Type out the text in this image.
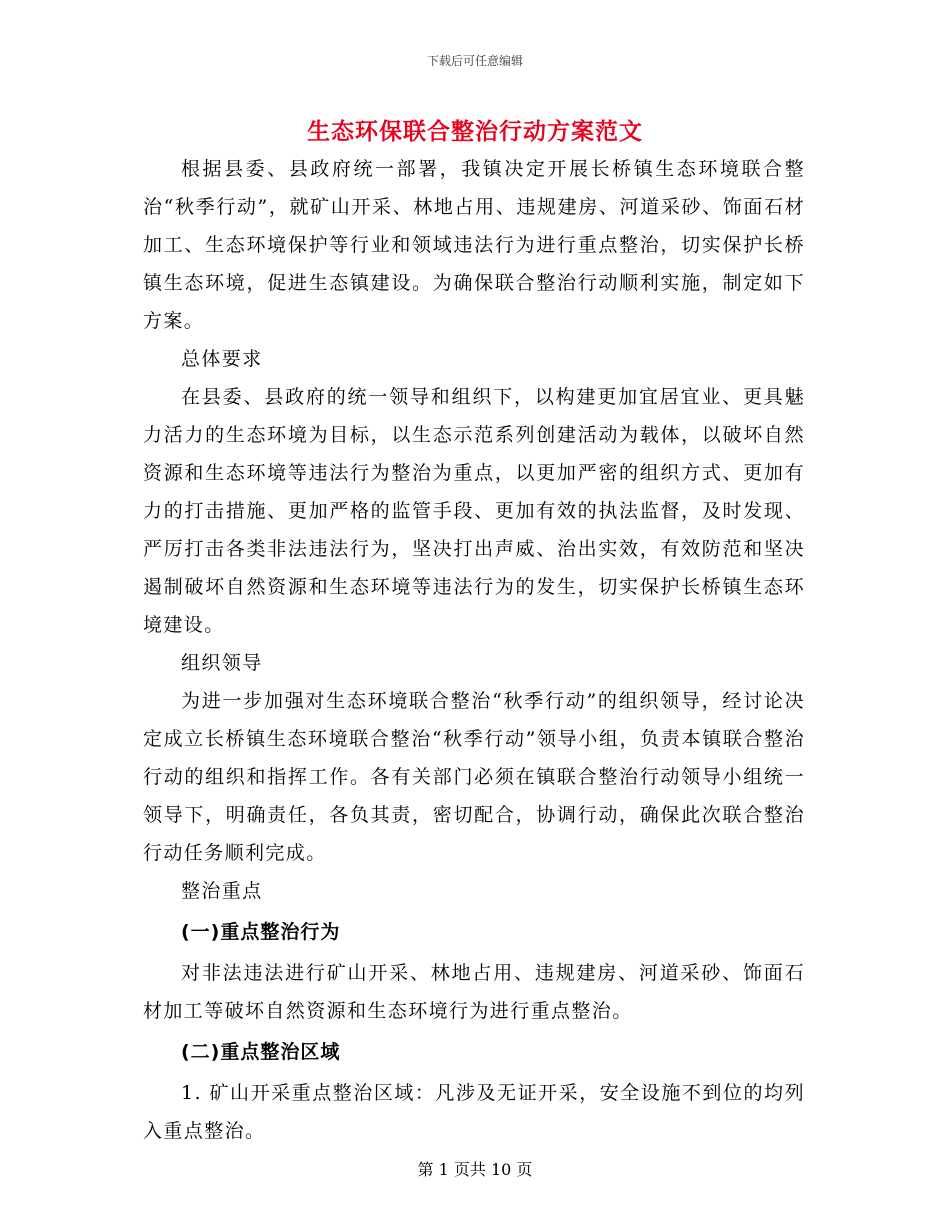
下载后可任意编辑
生态环保联合整治行动方案范文

根据县委、县政府统一部署，我镇决定开展长桥镇生态环境联合整治“秋季行动”，就矿山开采、林地占用、违规建房、河道采砂、饰面石材加工、生态环境保护等行业和领域违法行为进行重点整治，切实保护长桥镇生态环境，促进生态镇建设。为确保联合整治行动顺利实施，制定如下方案。

总体要求

在县委、县政府的统一领导和组织下，以构建更加宜居宜业、更具魅力活力的生态环境为目标，以生态示范系列创建活动为载体，以破坏自然资源和生态环境等违法行为整治为重点，以更加严密的组织方式、更加有力的打击措施、更加严格的监管手段、更加有效的执法监督，及时发现、严厉打击各类非法违法行为，坚决打出声威、治出实效，有效防范和坚决遏制破坏自然资源和生态环境等违法行为的发生，切实保护长桥镇生态环境建设。

组织领导

为进一步加强对生态环境联合整治“秋季行动”的组织领导，经讨论决定成立长桥镇生态环境联合整治“秋季行动”领导小组，负责本镇联合整治行动的组织和指挥工作。各有关部门必须在镇联合整治行动领导小组统一领导下，明确责任，各负其责，密切配合，协调行动，确保此次联合整治行动任务顺利完成。

整治重点

(一)重点整治行为

对非法违法进行矿山开采、林地占用、违规建房、河道采砂、饰面石材加工等破坏自然资源和生态环境行为进行重点整治。

(二)重点整治区域

1. 矿山开采重点整治区域：凡涉及无证开采，安全设施不到位的均列入重点整治。

第 1 页共 10 页
